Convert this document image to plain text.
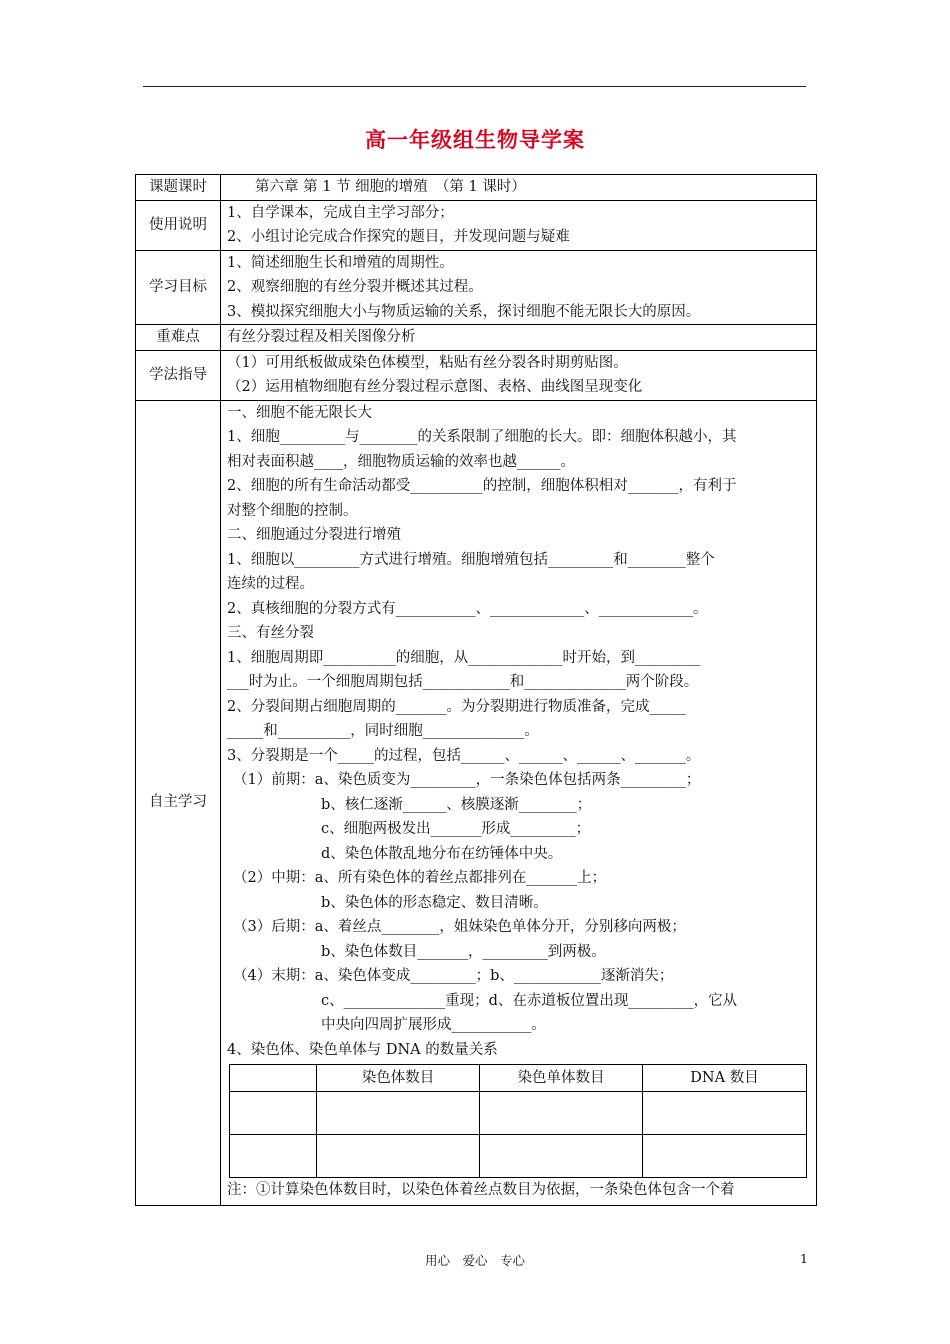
高一年级组生物导学案
课题课时	第六章 第 1 节 细胞的增殖　（第 1 课时）

使用说明	
1、自学课本，完成自主学习部分；
2、小组讨论完成合作探究的题目，并发现问题与疑难

学习目标	
1、简述细胞生长和增殖的周期性。
2、观察细胞的有丝分裂并概述其过程。
3、模拟探究细胞大小与物质运输的关系，探讨细胞不能无限长大的原因。

重难点	有丝分裂过程及相关图像分析

学法指导	
（1）可用纸板做成染色体模型，粘贴有丝分裂各时期剪贴图。
（2）运用植物细胞有丝分裂过程示意图、表格、曲线图呈现变化

自主学习	
一、细胞不能无限长大
1、细胞_________与________的关系限制了细胞的长大。即：细胞体积越小，其
相对表面积越____，细胞物质运输的效率也越______。
2、细胞的所有生命活动都受__________的控制，细胞体积相对_______，有利于
对整个细胞的控制。
二、细胞通过分裂进行增殖
1、细胞以_________方式进行增殖。细胞增殖包括_________和________整个
连续的过程。
2、真核细胞的分裂方式有___________、_____________、_____________。
三、有丝分裂
1、细胞周期即__________的细胞，从_____________时开始，到_________
___时为止。一个细胞周期包括____________和______________两个阶段。
2、分裂间期占细胞周期的_______。为分裂期进行物质准备，完成_____
_____和__________，同时细胞______________。
3、分裂期是一个_____的过程，包括______、______、______、_______。
（1）前期：a、染色质变为_________，一条染色体包括两条_________；
b、核仁逐渐______、核膜逐渐________；
c、细胞两极发出_______形成_________；
d、染色体散乱地分布在纺锤体中央。
（2）中期：a、所有染色体的着丝点都排列在_______上；
b、染色体的形态稳定、数目清晰。
（3）后期：a、着丝点________，姐妹染色单体分开，分别移向两极；
b、染色体数目_______，_________到两极。
（4）末期：a、染色体变成_________；b、____________逐渐消失；
c、______________重现；d、在赤道板位置出现_________，它从
中央向四周扩展形成___________。
4、染色体、染色单体与 DNA 的数量关系
	染色体数目	染色单体数目	DNA 数目

注：①计算染色体数目时，以染色体着丝点数目为依据，一条染色体包含一个着
用心　爱心　专心	1
